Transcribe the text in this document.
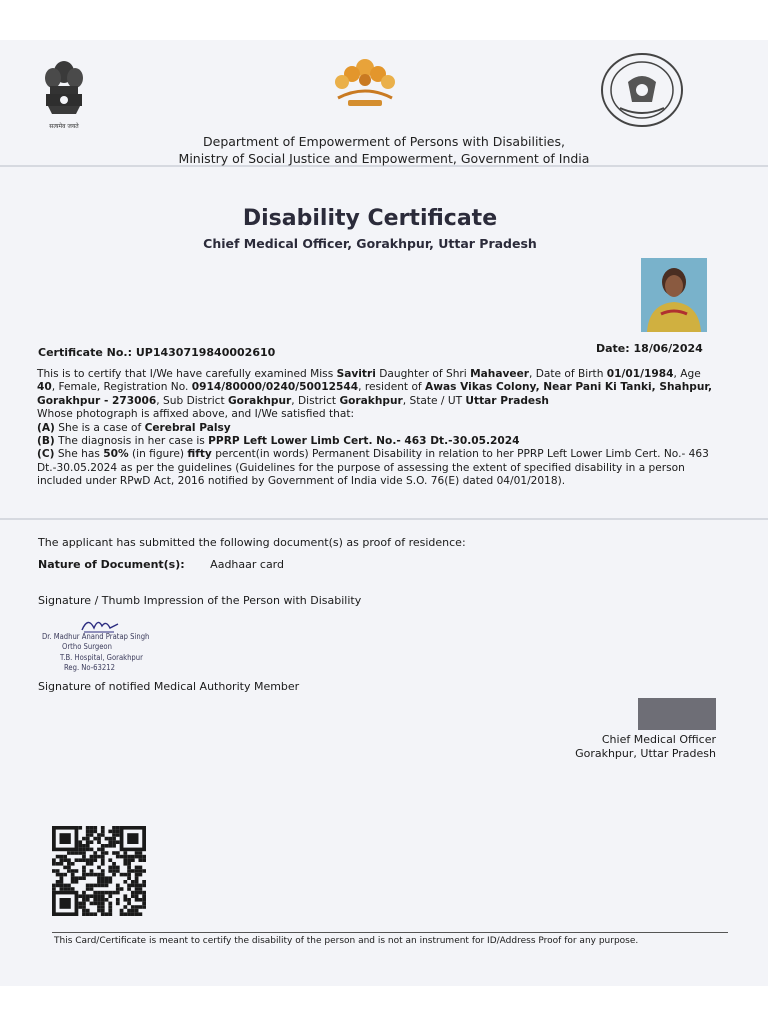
सत्यमेव जयते
Department of Empowerment of Persons with Disabilities,
Ministry of Social Justice and Empowerment, Government of India
Disability Certificate
Chief Medical Officer, Gorakhpur, Uttar Pradesh
Certificate No.: UP1430719840002610	Date: 18/06/2024

This is to certify that I/We have carefully examined Miss Savitri Daughter of Shri Mahaveer, Date of Birth 01/01/1984, Age 40, Female, Registration No. 0914/80000/0240/50012544, resident of Awas Vikas Colony, Near Pani Ki Tanki, Shahpur, Gorakhpur - 273006, Sub District Gorakhpur, District Gorakhpur, State / UT Uttar Pradesh

Whose photograph is affixed above, and I/We satisfied that:

(A) She is a case of Cerebral Palsy

(B) The diagnosis in her case is PPRP Left Lower Limb Cert. No.- 463 Dt.-30.05.2024

(C) She has 50% (in figure) fifty percent(in words) Permanent Disability in relation to her PPRP Left Lower Limb Cert. No.- 463 Dt.-30.05.2024 as per the guidelines (Guidelines for the purpose of assessing the extent of specified disability in a person included under RPwD Act, 2016 notified by Government of India vide S.O. 76(E) dated 04/01/2018).

The applicant has submitted the following document(s) as proof of residence:
Nature of Document(s): Aadhaar card
Signature / Thumb Impression of the Person with Disability
Dr. Madhur Anand Pratap Singh
Ortho Surgeon
T.B. Hospital, Gorakhpur
Reg. No-63212
Signature of notified Medical Authority Member
Chief Medical Officer
Gorakhpur, Uttar Pradesh
This Card/Certificate is meant to certify the disability of the person and is not an instrument for ID/Address Proof for any purpose.
